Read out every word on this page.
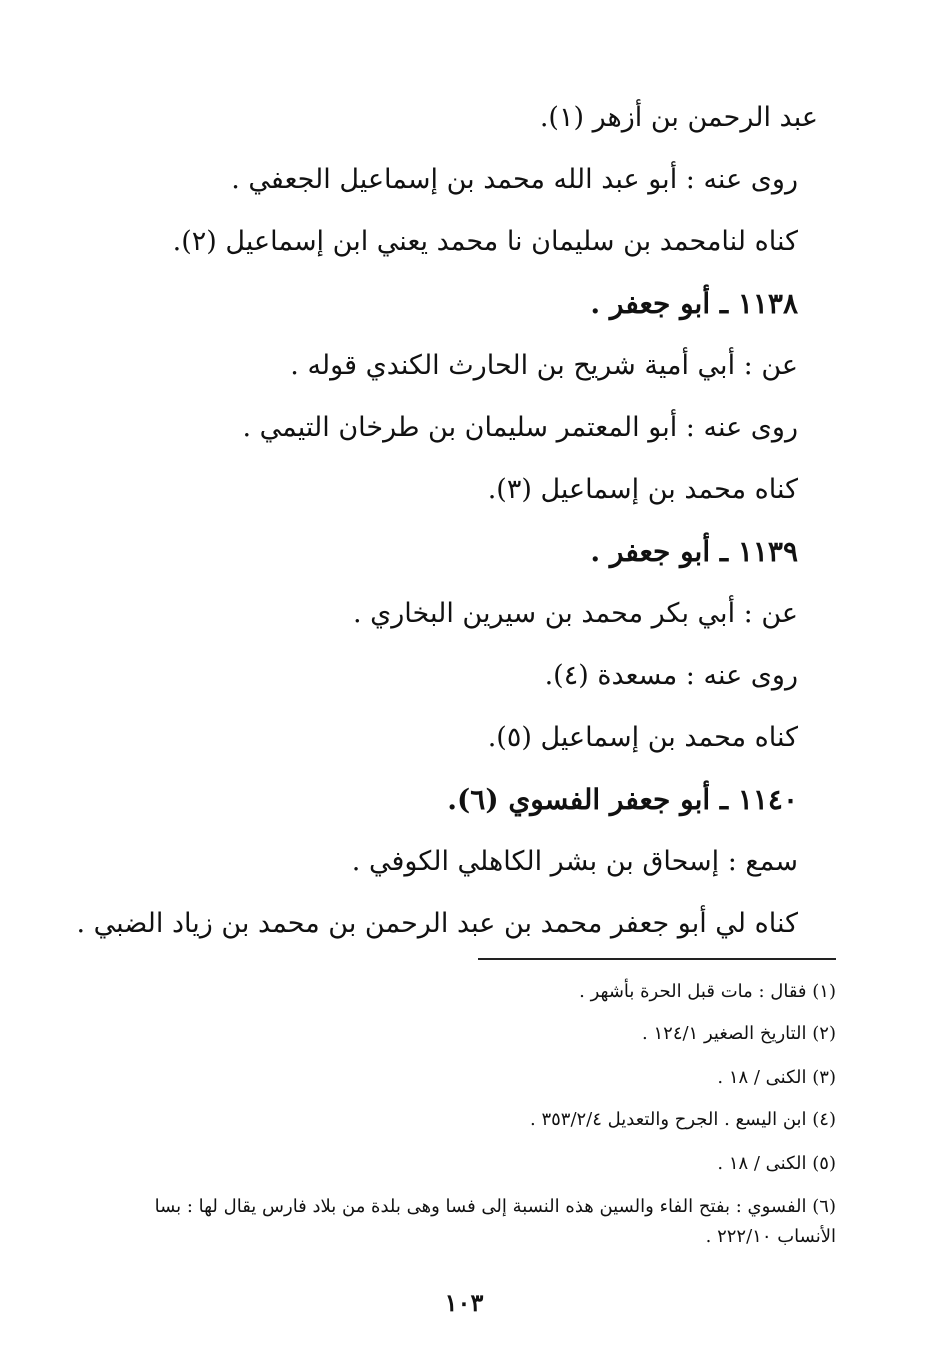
عبد الرحمن بن أزهر (١).
روى عنه : أبو عبد الله محمد بن إسماعيل الجعفي .
كناه لنامحمد بن سليمان نا محمد يعني ابن إسماعيل (٢).
١١٣٨ ـ أبو جعفر .
عن : أبي أمية شريح بن الحارث الكندي قوله .
روى عنه : أبو المعتمر سليمان بن طرخان التيمي .
كناه محمد بن إسماعيل (٣).
١١٣٩ ـ أبو جعفر .
عن : أبي بكر محمد بن سيرين البخاري .
روى عنه : مسعدة (٤).
كناه محمد بن إسماعيل (٥).
١١٤٠ ـ أبو جعفر الفسوي (٦).
سمع : إسحاق بن بشر الكاهلي الكوفي .
كناه لي أبو جعفر محمد بن عبد الرحمن بن محمد بن زياد الضبي .
(١) فقال : مات قبل الحرة بأشهر .
(٢) التاريخ الصغير ١٢٤/١ .
(٣) الكنى / ١٨ .
(٤) ابن اليسع . الجرح والتعديل ٣٥٣/٢/٤ .
(٥) الكنى / ١٨ .
(٦) الفسوي : بفتح الفاء والسين هذه النسبة إلى فسا وهى بلدة من بلاد فارس يقال لها : بسا الأنساب ٢٢٢/١٠ .
١٠٣
